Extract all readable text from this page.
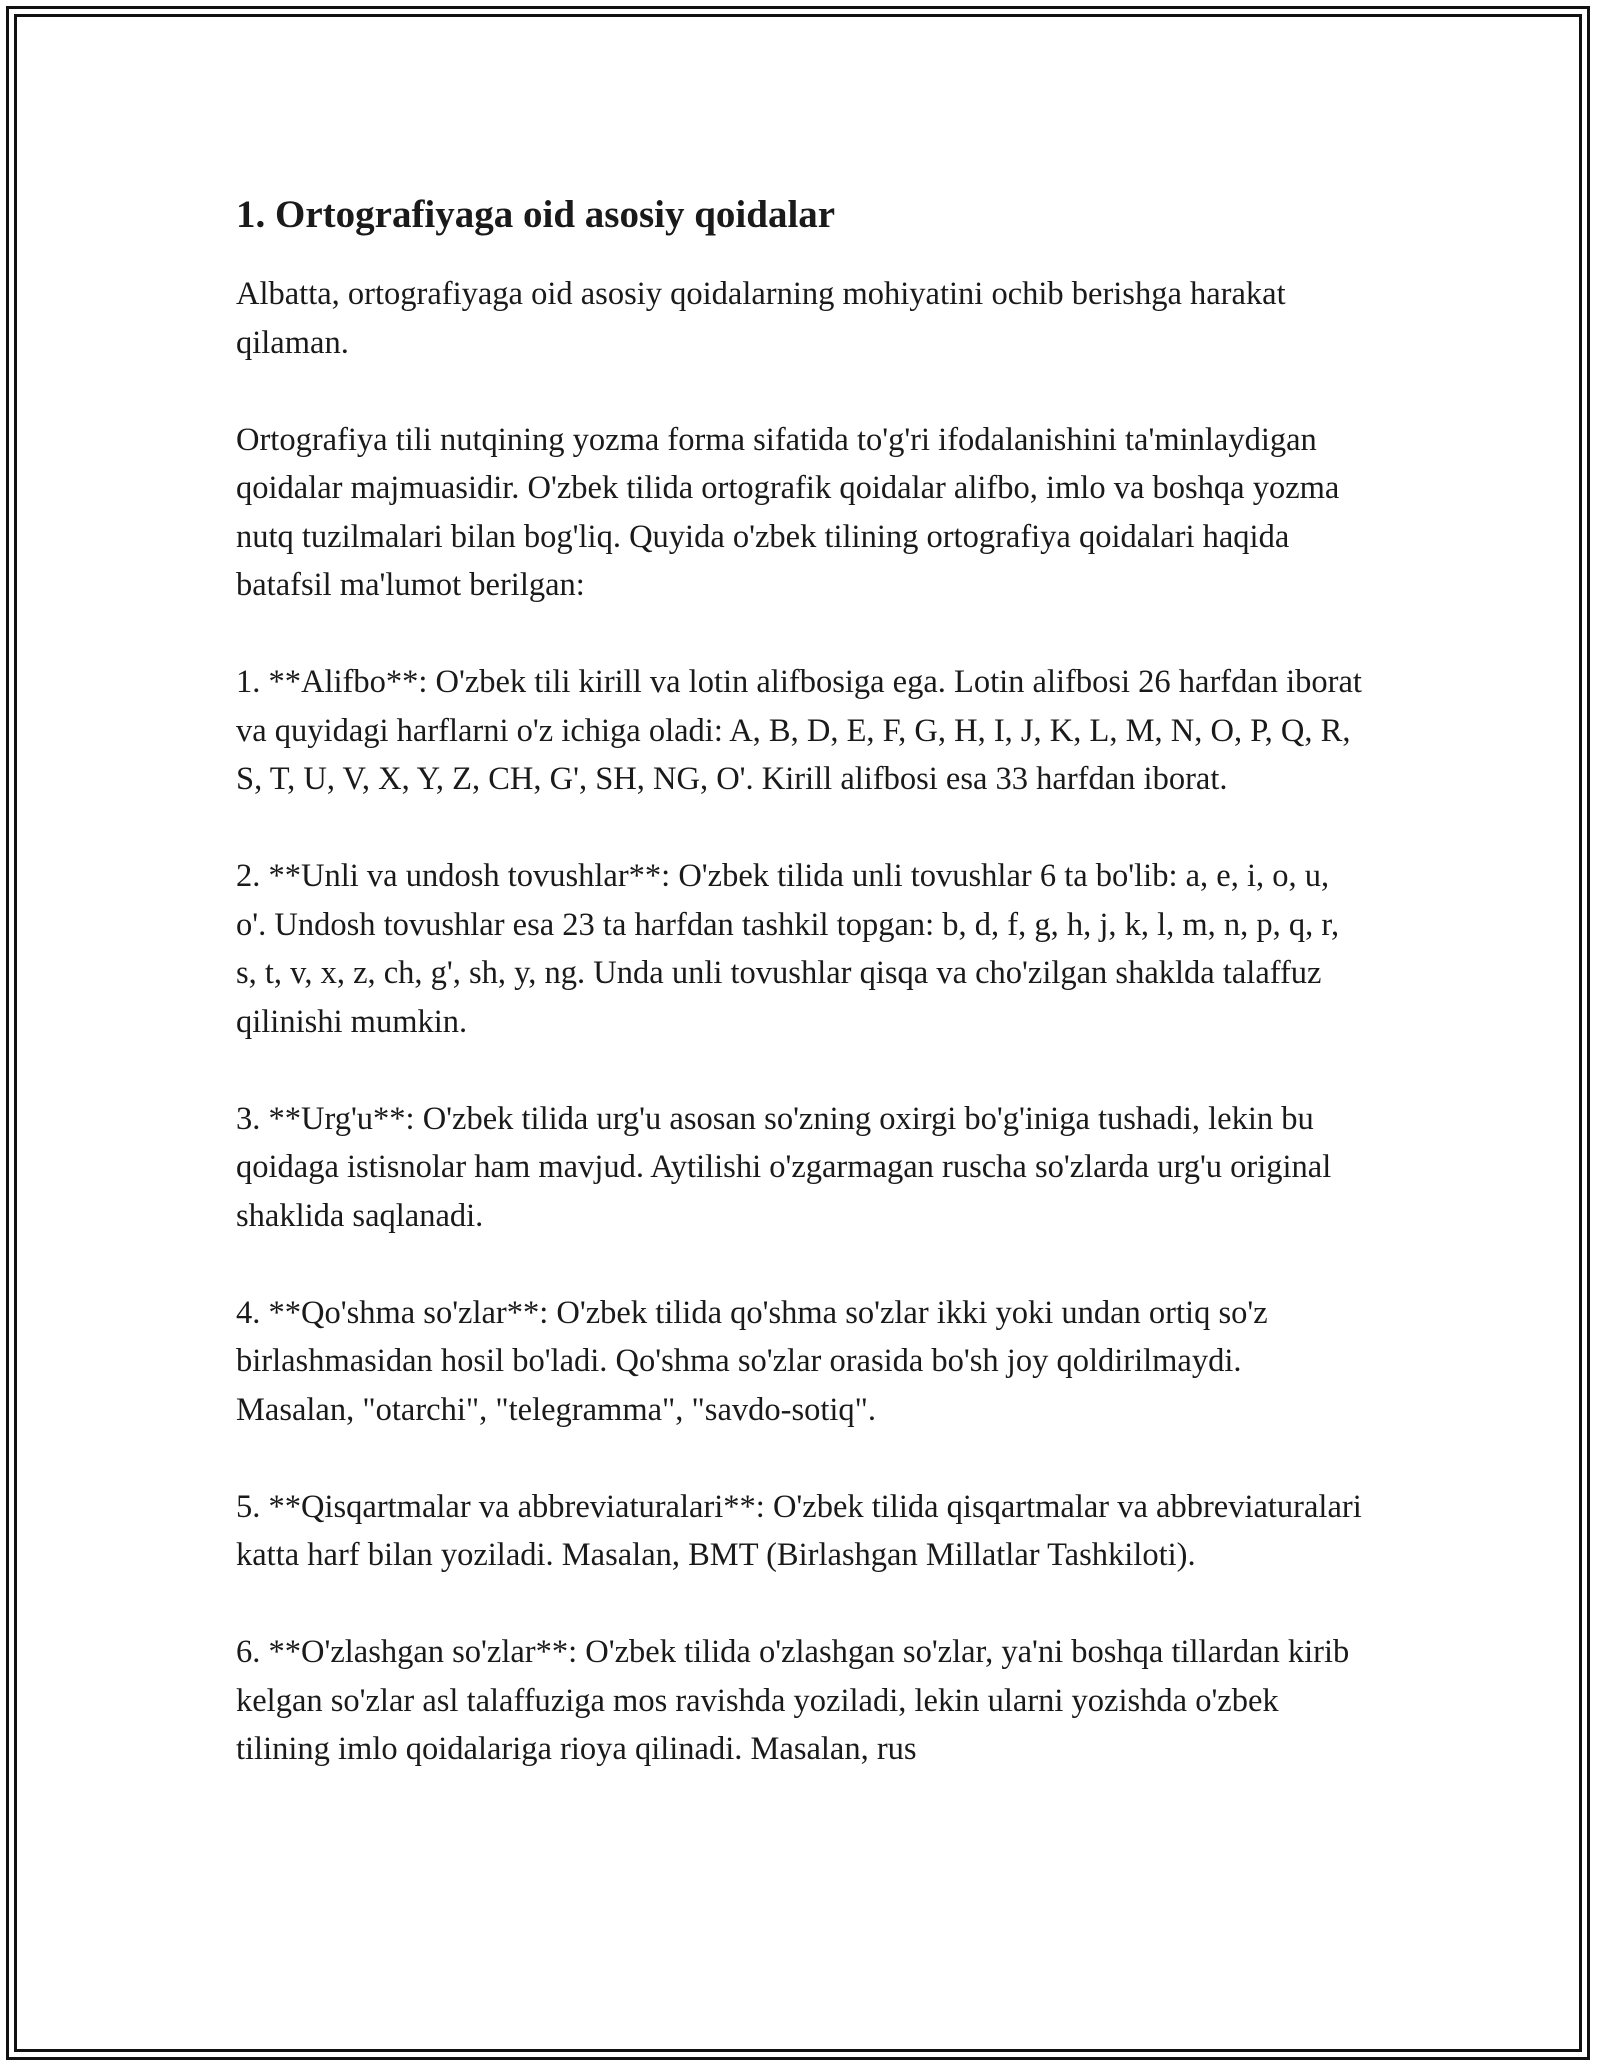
1. Ortografiyaga oid asosiy qoidalar

Albatta, ortografiyaga oid asosiy qoidalarning mohiyatini ochib berishga harakat qilaman.

Ortografiya tili nutqining yozma forma sifatida to'g'ri ifodalanishini ta'minlaydigan qoidalar majmuasidir. O'zbek tilida ortografik qoidalar alifbo, imlo va boshqa yozma nutq tuzilmalari bilan bog'liq. Quyida o'zbek tilining ortografiya qoidalari haqida batafsil ma'lumot berilgan:

1. **Alifbo**: O'zbek tili kirill va lotin alifbosiga ega. Lotin alifbosi 26 harfdan iborat va quyidagi harflarni o'z ichiga oladi: A, B, D, E, F, G, H, I, J, K, L, M, N, O, P, Q, R, S, T, U, V, X, Y, Z, CH, G', SH, NG, O'. Kirill alifbosi esa 33 harfdan iborat.

2. **Unli va undosh tovushlar**: O'zbek tilida unli tovushlar 6 ta bo'lib: a, e, i, o, u, o'. Undosh tovushlar esa 23 ta harfdan tashkil topgan: b, d, f, g, h, j, k, l, m, n, p, q, r, s, t, v, x, z, ch, g', sh, y, ng. Unda unli tovushlar qisqa va cho'zilgan shaklda talaffuz qilinishi mumkin.

3. **Urg'u**: O'zbek tilida urg'u asosan so'zning oxirgi bo'g'iniga tushadi, lekin bu qoidaga istisnolar ham mavjud. Aytilishi o'zgarmagan ruscha so'zlarda urg'u original shaklida saqlanadi.

4. **Qo'shma so'zlar**: O'zbek tilida qo'shma so'zlar ikki yoki undan ortiq so'z birlashmasidan hosil bo'ladi. Qo'shma so'zlar orasida bo'sh joy qoldirilmaydi. Masalan, "otarchi", "telegramma", "savdo-sotiq".

5. **Qisqartmalar va abbreviaturalari**: O'zbek tilida qisqartmalar va abbreviaturalari katta harf bilan yoziladi. Masalan, BMT (Birlashgan Millatlar Tashkiloti).

6. **O'zlashgan so'zlar**: O'zbek tilida o'zlashgan so'zlar, ya'ni boshqa tillardan kirib kelgan so'zlar asl talaffuziga mos ravishda yoziladi, lekin ularni yozishda o'zbek tilining imlo qoidalariga rioya qilinadi. Masalan, rus
